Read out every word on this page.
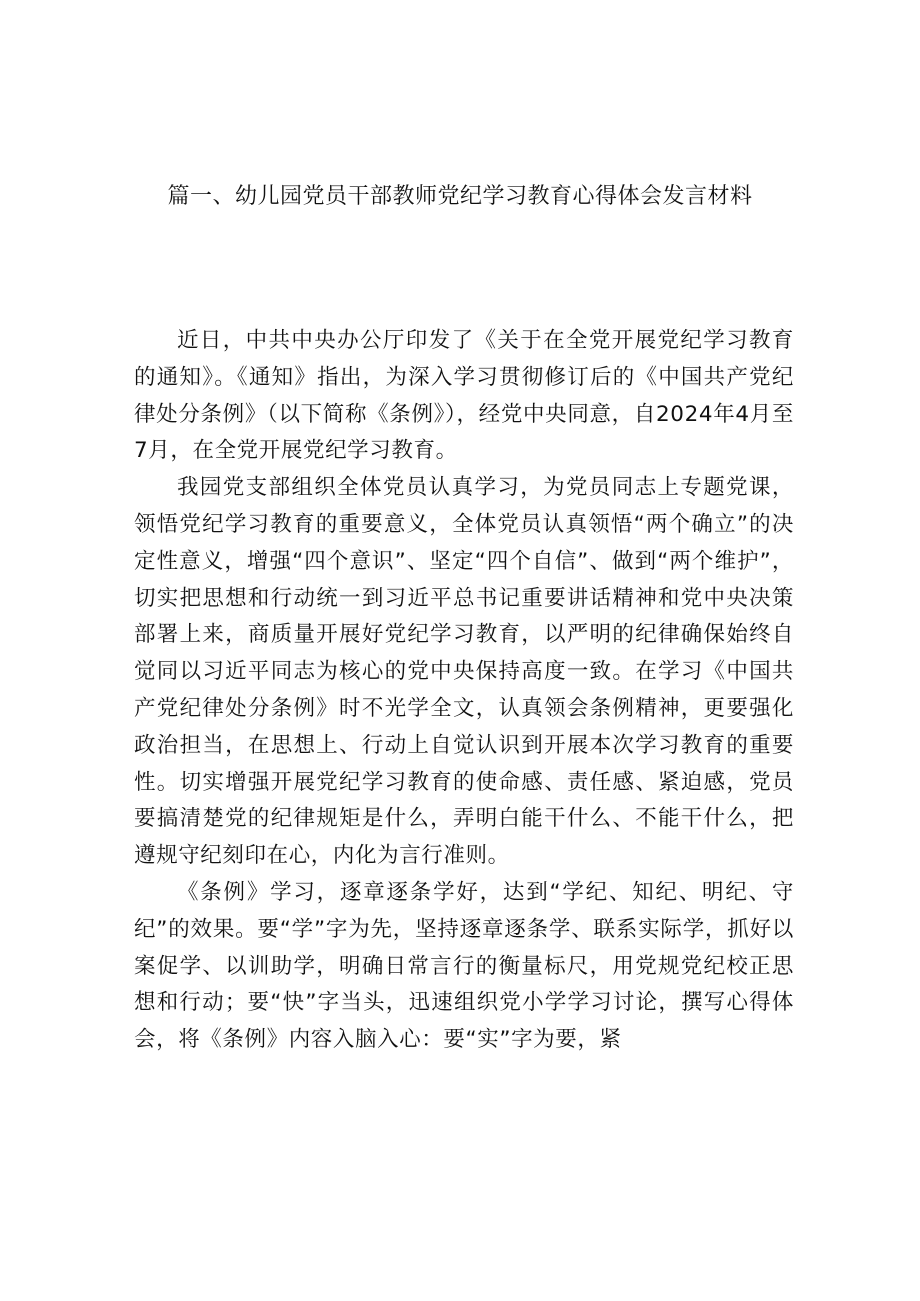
篇一、幼儿园党员干部教师党纪学习教育心得体会发言材料

近日，中共中央办公厅印发了《关于在全党开展党纪学习教育的通知》。《通知》指出，为深入学习贯彻修订后的《中国共产党纪律处分条例》（以下简称《条例》），经党中央同意，自2024年4月至7月，在全党开展党纪学习教育。

我园党支部组织全体党员认真学习，为党员同志上专题党课，领悟党纪学习教育的重要意义，全体党员认真领悟“两个确立”的决定性意义，增强“四个意识”、坚定“四个自信”、做到“两个维护”，切实把思想和行动统一到习近平总书记重要讲话精神和党中央决策部署上来，商质量开展好党纪学习教育，以严明的纪律确保始终自觉同以习近平同志为核心的党中央保持高度一致。在学习《中国共产党纪律处分条例》时不光学全文，认真领会条例精神，更要强化政治担当，在思想上、行动上自觉认识到开展本次学习教育的重要性。切实增强开展党纪学习教育的使命感、责任感、紧迫感，党员要搞清楚党的纪律规矩是什么，弄明白能干什么、不能干什么，把遵规守纪刻印在心，内化为言行准则。

《条例》学习，逐章逐条学好，达到“学纪、知纪、明纪、守纪”的效果。要“学”字为先，坚持逐章逐条学、联系实际学，抓好以案促学、以训助学，明确日常言行的衡量标尺，用党规党纪校正思想和行动；要“快”字当头，迅速组织党小学学习讨论，撰写心得体会，将《条例》内容入脑入心：要“实”字为要，紧
